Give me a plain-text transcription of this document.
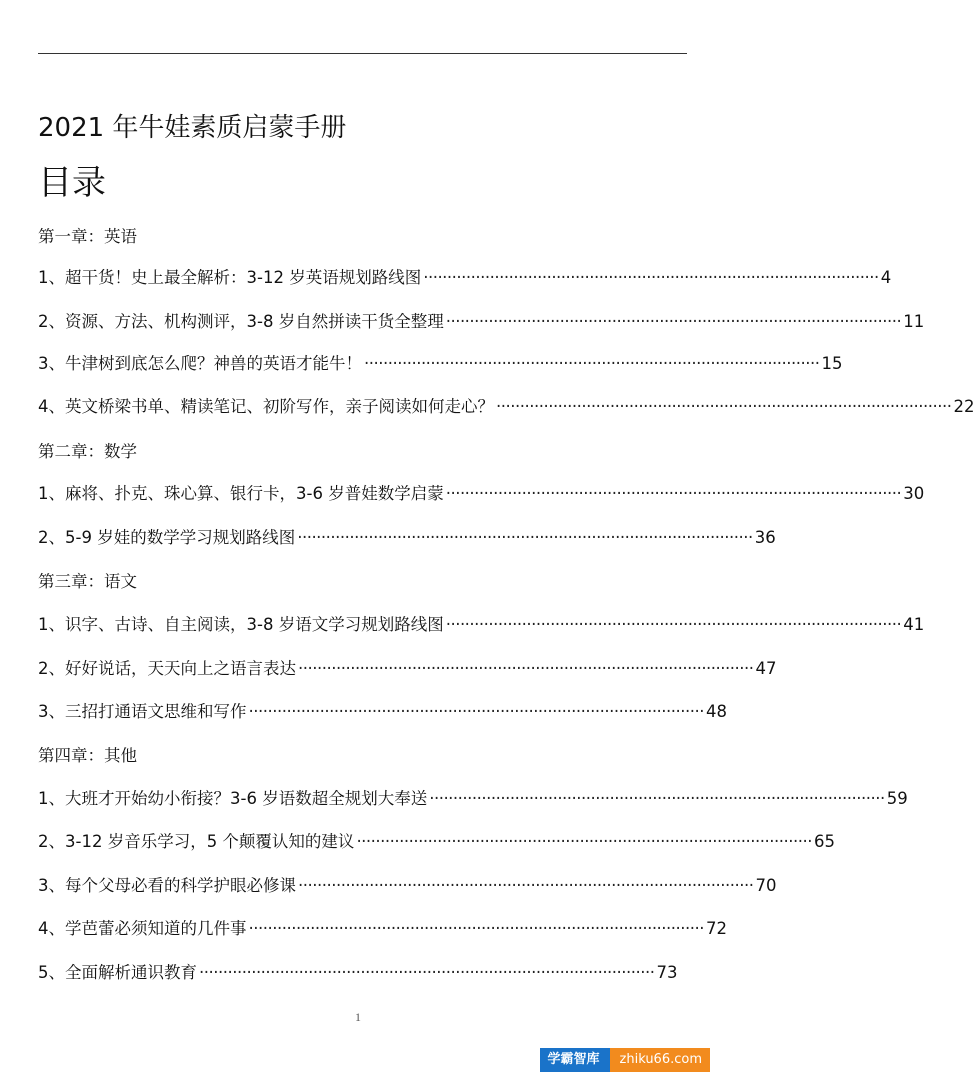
2021 年牛娃素质启蒙手册
目录
第一章：英语
1、超干货！史上最全解析：3-12 岁英语规划路线图 ································································································ 4
2、资源、方法、机构测评，3-8 岁自然拼读干货全整理 ································································································ 11
3、牛津树到底怎么爬？神兽的英语才能牛！ ································································································ 15
4、英文桥梁书单、精读笔记、初阶写作，亲子阅读如何走心？ ································································································ 22
第二章：数学
1、麻将、扑克、珠心算、银行卡，3-6 岁普娃数学启蒙 ································································································ 30
2、5-9 岁娃的数学学习规划路线图 ································································································ 36
第三章：语文
1、识字、古诗、自主阅读，3-8 岁语文学习规划路线图 ································································································ 41
2、好好说话，天天向上之语言表达 ································································································ 47
3、三招打通语文思维和写作 ································································································ 48
第四章：其他
1、大班才开始幼小衔接？3-6 岁语数超全规划大奉送 ································································································ 59
2、3-12 岁音乐学习，5 个颠覆认知的建议 ································································································ 65
3、每个父母必看的科学护眼必修课 ································································································ 70
4、学芭蕾必须知道的几件事 ································································································ 72
5、全面解析通识教育 ································································································ 73
1
学霸智库	zhiku66.com
